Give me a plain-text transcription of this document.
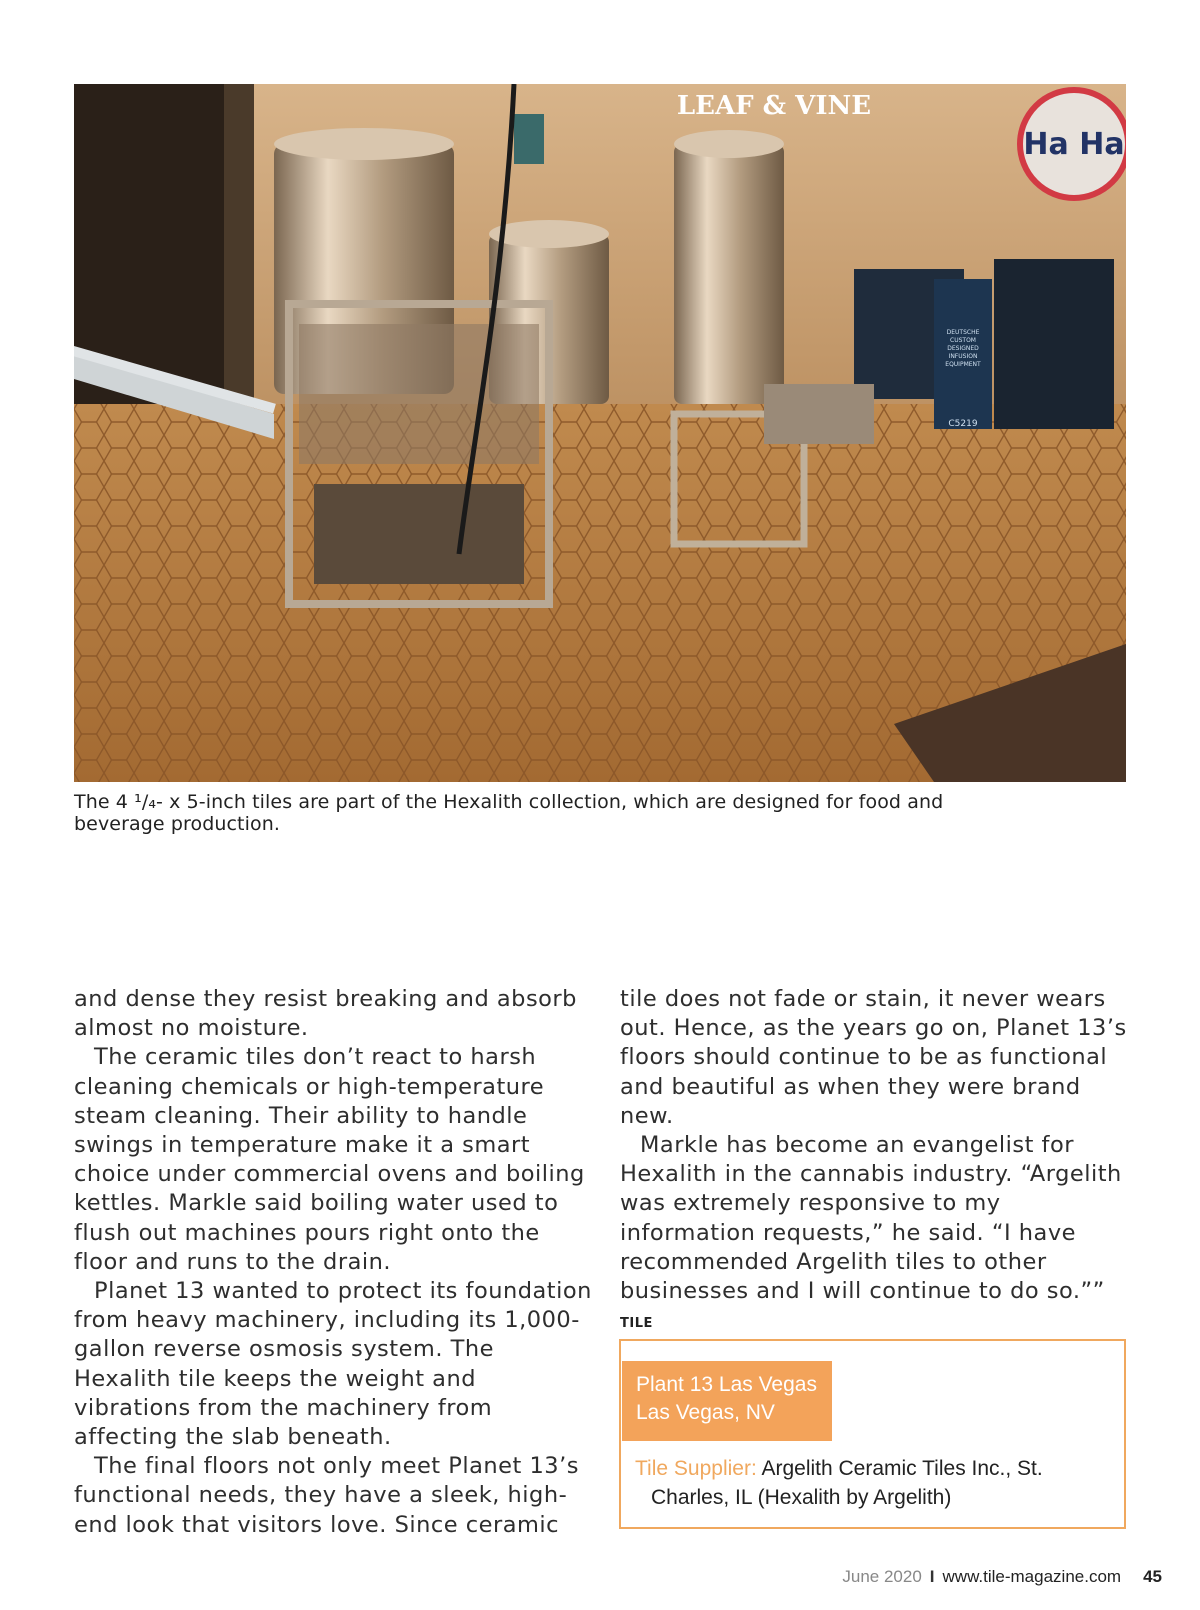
DEUTSCHE
CUSTOM
DESIGNED
INFUSION
EQUIPMENT
C5219
LEAF & VINE
Ha Ha
The 4 ¹/₄- x 5-inch tiles are part of the Hexalith collection, which are designed for food and
beverage production.

and dense they resist breaking and absorb almost no moisture.

The ceramic tiles don’t react to harsh cleaning chemicals or high-temperature steam cleaning. Their ability to handle swings in temperature make it a smart choice under commercial ovens and boiling kettles. Markle said boiling water used to flush out machines pours right onto the floor and runs to the drain.

Planet 13 wanted to protect its foundation from heavy machinery, including its 1,000-gallon reverse osmosis system. The Hexalith tile keeps the weight and vibrations from the machinery from affecting the slab beneath.

The final floors not only meet Planet 13’s functional needs, they have a sleek, high-end look that visitors love. Since ceramic

tile does not fade or stain, it never wears out. Hence, as the years go on, Planet 13’s floors should continue to be as functional and beautiful as when they were brand new.

Markle has become an evangelist for Hexalith in the cannabis industry. “Argelith was extremely responsive to my information requests,” he said. “I have recommended Argelith tiles to other businesses and I will continue to do so.”” TILE

Plant 13 Las Vegas
Las Vegas, NV
Tile Supplier: Argelith Ceramic Tiles Inc., St.
Charles, IL (Hexalith by Argelith)
June 2020 I www.tile-magazine.com 45
